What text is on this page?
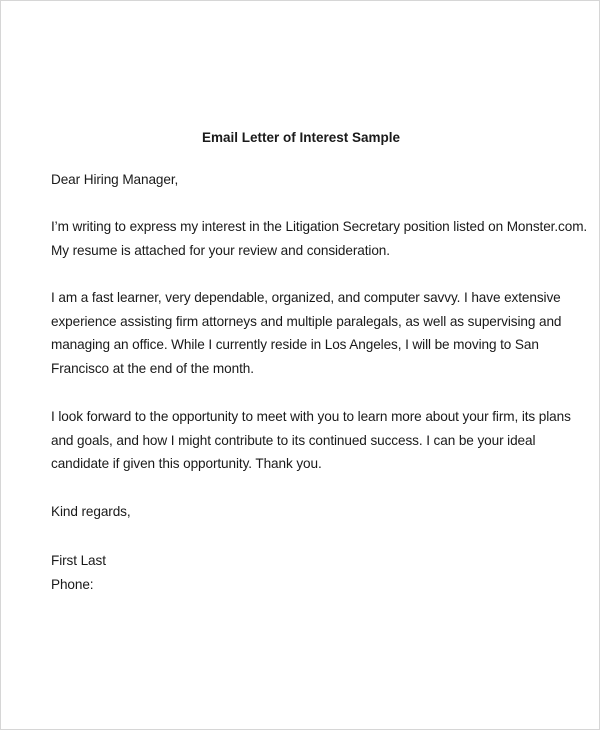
Email Letter of Interest Sample
Dear Hiring Manager,
I’m writing to express my interest in the Litigation Secretary position listed on Monster.com.
My resume is attached for your review and consideration.
I am a fast learner, very dependable, organized, and computer savvy. I have extensive
experience assisting firm attorneys and multiple paralegals, as well as supervising and
managing an office. While I currently reside in Los Angeles, I will be moving to San
Francisco at the end of the month.
I look forward to the opportunity to meet with you to learn more about your firm, its plans
and goals, and how I might contribute to its continued success. I can be your ideal
candidate if given this opportunity. Thank you.
Kind regards,
First Last
Phone:
